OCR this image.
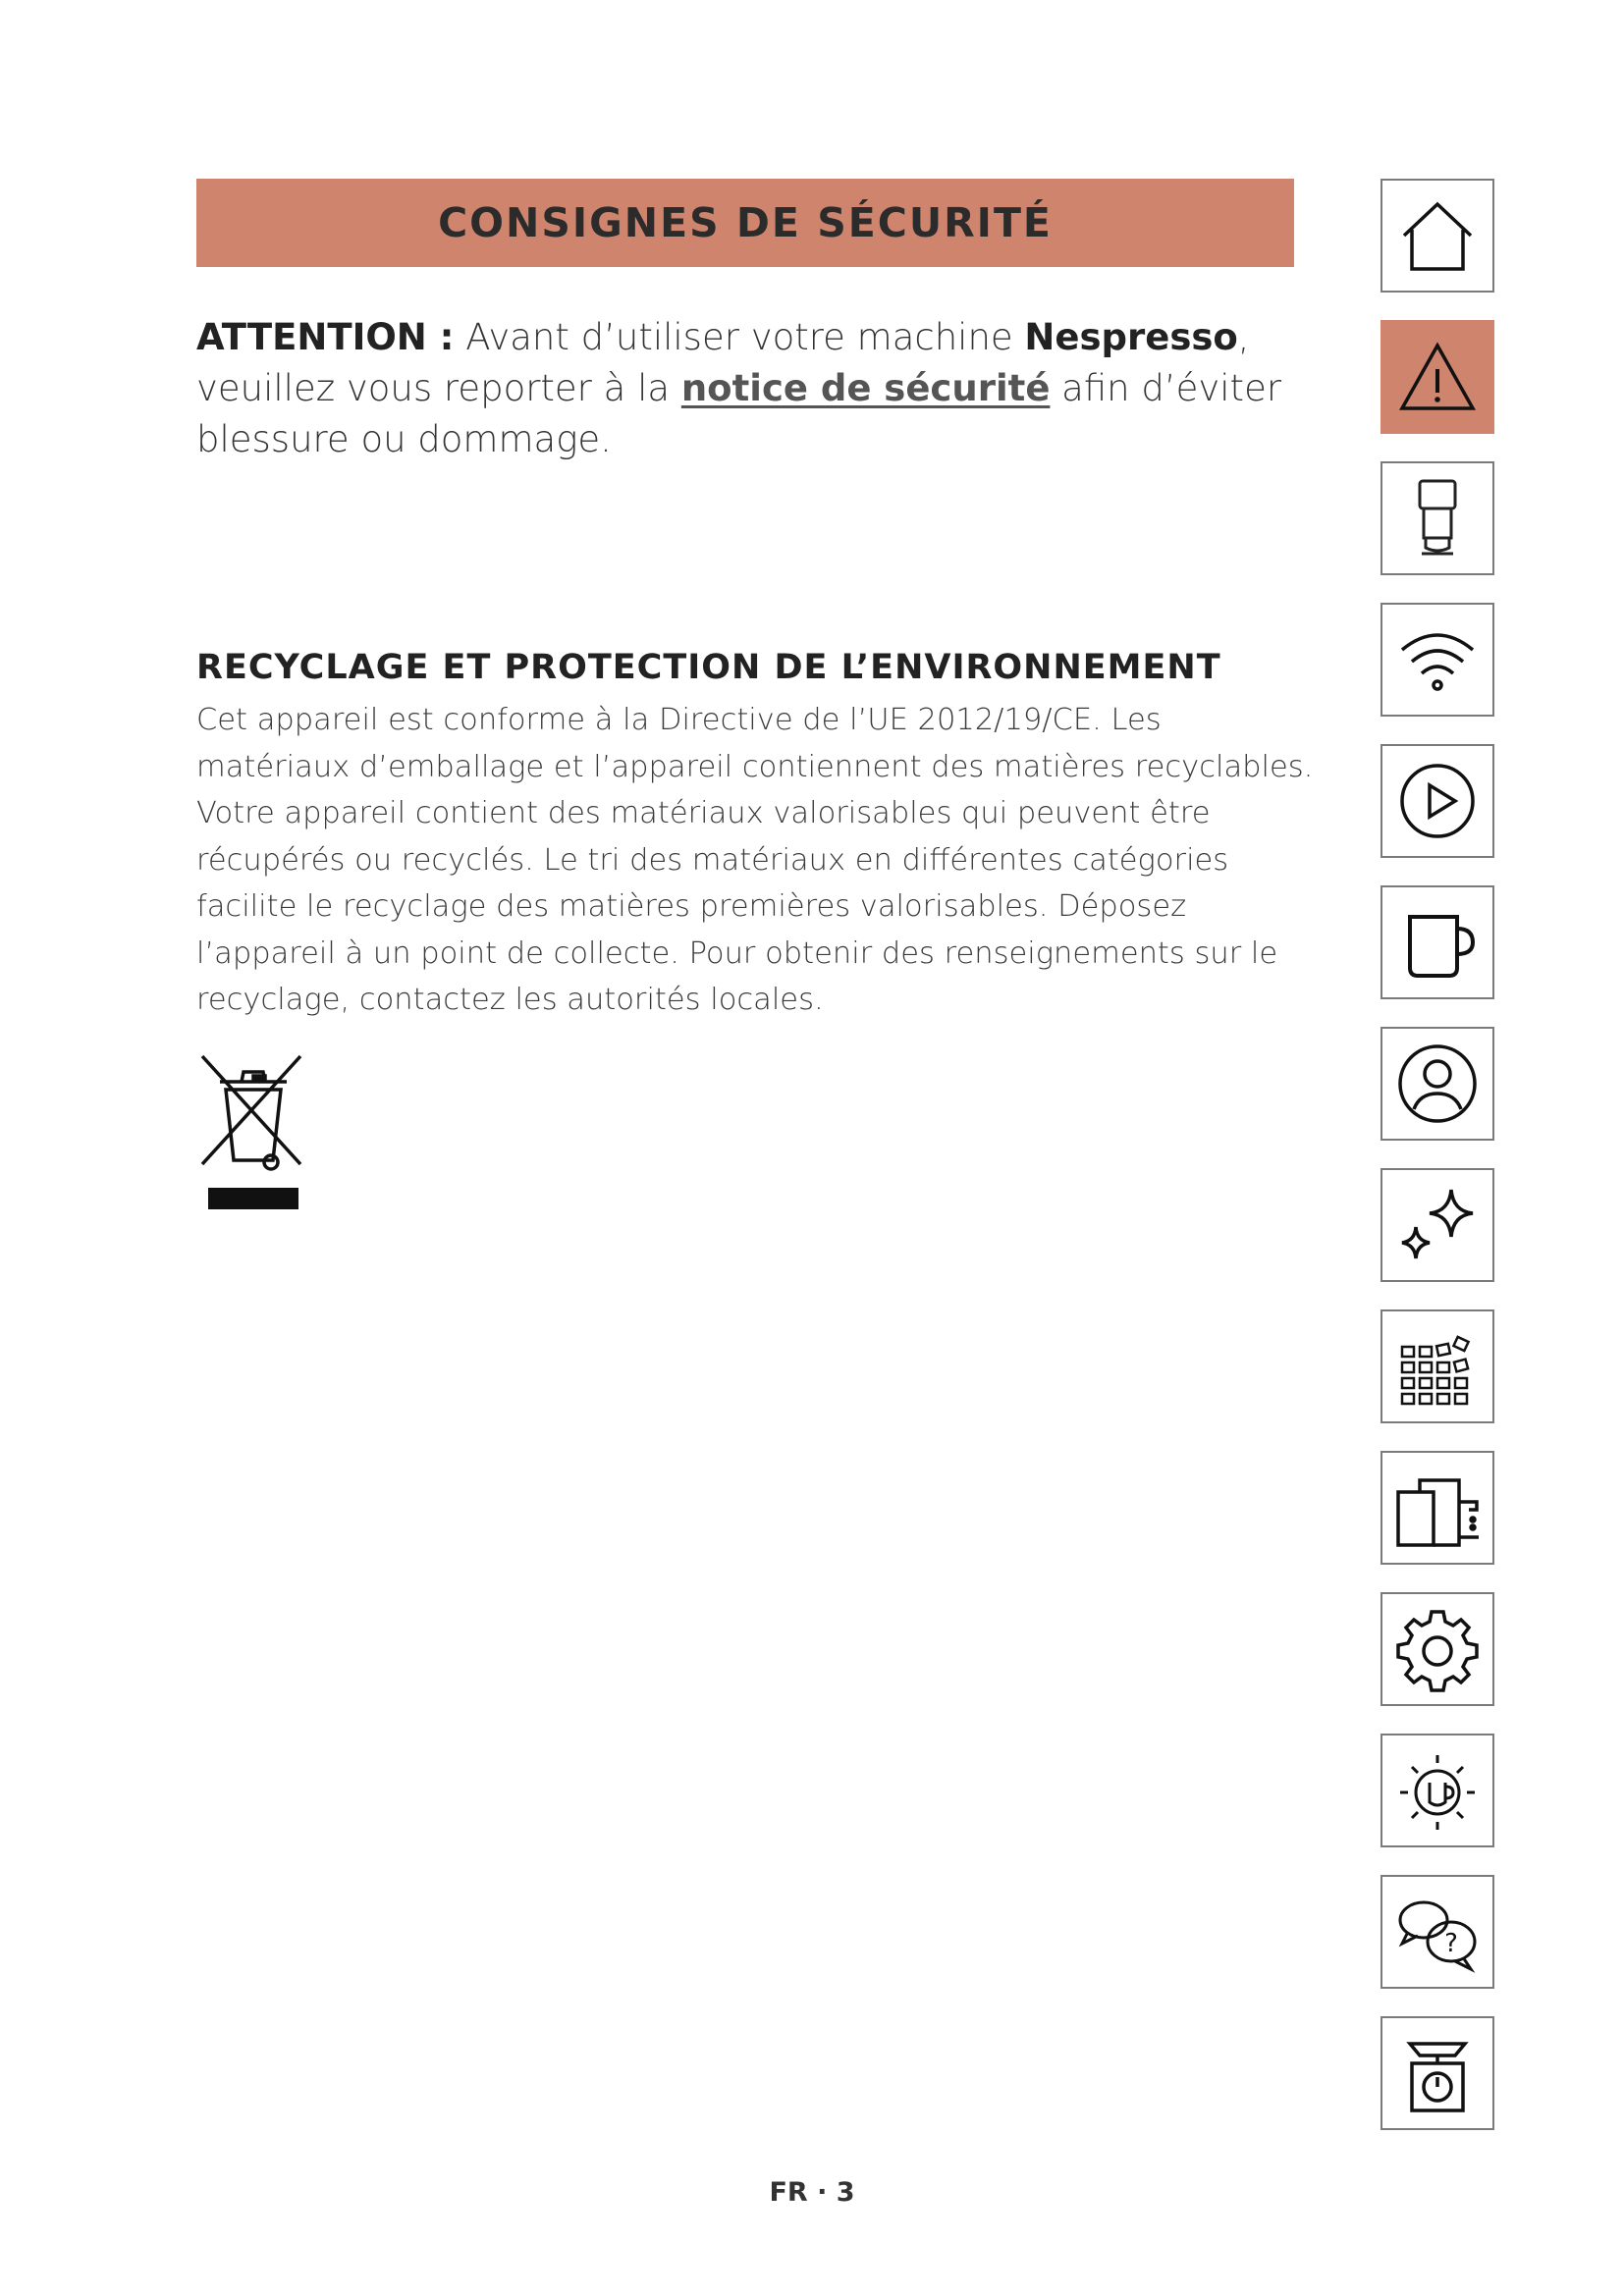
CONSIGNES DE SÉCURITÉ

ATTENTION : Avant d’utiliser votre machine Nespresso, veuillez vous reporter à la notice de sécurité afin d’éviter blessure ou dommage.

RECYCLAGE ET PROTECTION DE L’ENVIRONNEMENT

Cet appareil est conforme à la Directive de l’UE 2012/19/CE. Les matériaux d’emballage et l’appareil contiennent des matières recyclables. Votre appareil contient des matériaux valorisables qui peuvent être récupérés ou recyclés. Le tri des matériaux en différentes catégories facilite le recyclage des matières premières valorisables. Déposez l’appareil à un point de collecte. Pour obtenir des renseignements sur le recyclage, contactez les autorités locales.

?
FR · 3
